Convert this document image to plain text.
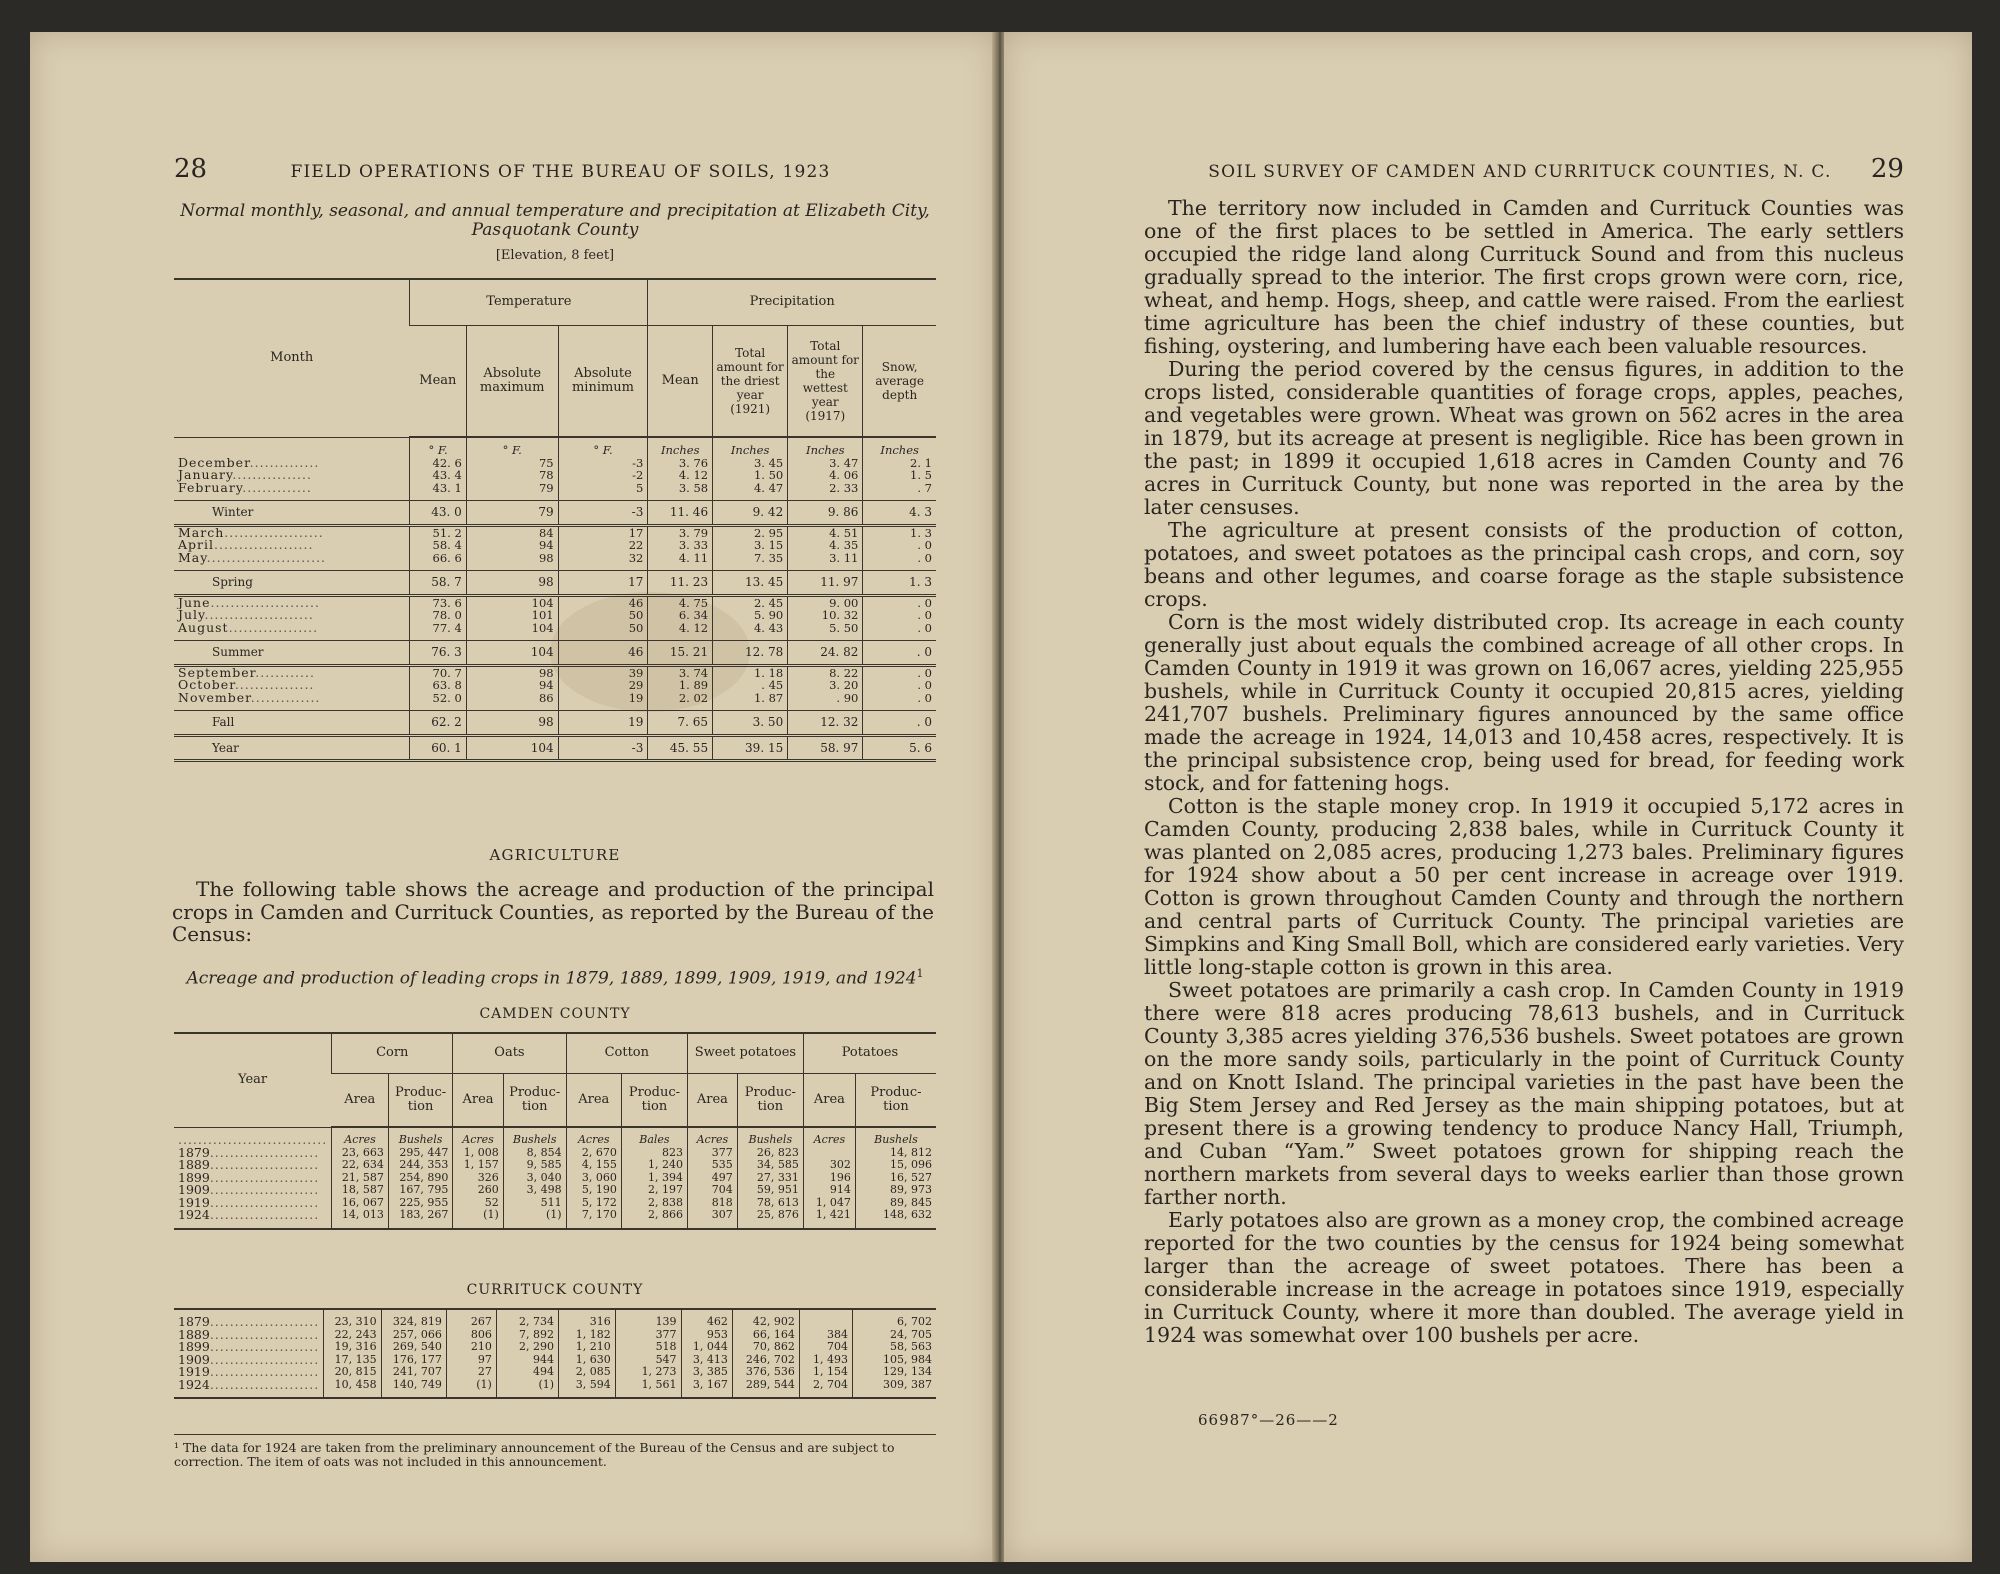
28	FIELD OPERATIONS OF THE BUREAU OF SOILS, 1923
Normal monthly, seasonal, and annual temperature and precipitation at Elizabeth City, Pasquotank County
[Elevation, 8 feet]
Month	Temperature			Precipitation			
	Mean	Absolute maximum	Absolute minimum	Mean	Total amount for the driest year (1921)	Total amount for the wettest year (1917)	Snow, average depth
	° F.	° F.	° F.	Inches	Inches	Inches	Inches
December..............	42. 6	75	-3	3. 76	3. 45	3. 47	2. 1
January................	43. 4	78	-2	4. 12	1. 50	4. 06	1. 5
February..............	43. 1	79	5	3. 58	4. 47	2. 33	. 7
Winter	43. 0	79	-3	11. 46	9. 42	9. 86	4. 3
March....................	51. 2	84	17	3. 79	2. 95	4. 51	1. 3
April....................	58. 4	94	22	3. 33	3. 15	4. 35	. 0
May........................	66. 6	98	32	4. 11	7. 35	3. 11	. 0
Spring	58. 7	98	17	11. 23	13. 45	11. 97	1. 3
June......................	73. 6	104	46	4. 75	2. 45	9. 00	. 0
July......................	78. 0	101	50	6. 34	5. 90	10. 32	. 0
August..................	77. 4	104	50	4. 12	4. 43	5. 50	. 0
Summer	76. 3	104	46	15. 21	12. 78	24. 82	. 0
September............	70. 7	98	39	3. 74	1. 18	8. 22	. 0
October................	63. 8	94	29	1. 89	. 45	3. 20	. 0
November..............	52. 0	86	19	2. 02	1. 87	. 90	. 0
Fall	62. 2	98	19	7. 65	3. 50	12. 32	. 0
Year	60. 1	104	-3	45. 55	39. 15	58. 97	5. 6
AGRICULTURE

The following table shows the acreage and production of the principal crops in Camden and Currituck Counties, as reported by the Bureau of the Census:

Acreage and production of leading crops in 1879, 1889, 1899, 1909, 1919, and 1924$^1$
CAMDEN COUNTY
Year	Corn		Oats		Cotton		Sweet potatoes		Potatoes	
	Area	Produc-tion	Area	Produc-tion	Area	Produc-tion	Area	Produc-tion	Area	Produc-tion
..............................	Acres	Bushels	Acres	Bushels	Acres	Bales	Acres	Bushels	Acres	Bushels
1879......................	23, 663	295, 447	1, 008	8, 854	2, 670	823	377	26, 823		14, 812
1889......................	22, 634	244, 353	1, 157	9, 585	4, 155	1, 240	535	34, 585	302	15, 096
1899......................	21, 587	254, 890	326	3, 040	3, 060	1, 394	497	27, 331	196	16, 527
1909......................	18, 587	167, 795	260	3, 498	5, 190	2, 197	704	59, 951	914	89, 973
1919......................	16, 067	225, 955	52	511	5, 172	2, 838	818	78, 613	1, 047	89, 845
1924......................	14, 013	183, 267	(1)	(1)	7, 170	2, 866	307	25, 876	1, 421	148, 632
CURRITUCK COUNTY
1879......................	23, 310	324, 819	267	2, 734	316	139	462	42, 902		6, 702
1889......................	22, 243	257, 066	806	7, 892	1, 182	377	953	66, 164	384	24, 705
1899......................	19, 316	269, 540	210	2, 290	1, 210	518	1, 044	70, 862	704	58, 563
1909......................	17, 135	176, 177	97	944	1, 630	547	3, 413	246, 702	1, 493	105, 984
1919......................	20, 815	241, 707	27	494	2, 085	1, 273	3, 385	376, 536	1, 154	129, 134
1924......................	10, 458	140, 749	(1)	(1)	3, 594	1, 561	3, 167	289, 544	2, 704	309, 387
¹ The data for 1924 are taken from the preliminary announcement of the Bureau of the Census and are subject to correction. The item of oats was not included in this announcement.
SOIL SURVEY OF CAMDEN AND CURRITUCK COUNTIES, N. C. 29

The territory now included in Camden and Currituck Counties was one of the first places to be settled in America. The early settlers occupied the ridge land along Currituck Sound and from this nucleus gradually spread to the interior. The first crops grown were corn, rice, wheat, and hemp. Hogs, sheep, and cattle were raised. From the earliest time agriculture has been the chief industry of these counties, but fishing, oystering, and lumbering have each been valuable resources.

During the period covered by the census figures, in addition to the crops listed, considerable quantities of forage crops, apples, peaches, and vegetables were grown. Wheat was grown on 562 acres in the area in 1879, but its acreage at present is negligible. Rice has been grown in the past; in 1899 it occupied 1,618 acres in Camden County and 76 acres in Currituck County, but none was reported in the area by the later censuses.

The agriculture at present consists of the production of cotton, potatoes, and sweet potatoes as the principal cash crops, and corn, soy beans and other legumes, and coarse forage as the staple subsistence crops.

Corn is the most widely distributed crop. Its acreage in each county generally just about equals the combined acreage of all other crops. In Camden County in 1919 it was grown on 16,067 acres, yielding 225,955 bushels, while in Currituck County it occupied 20,815 acres, yielding 241,707 bushels. Preliminary figures announced by the same office made the acreage in 1924, 14,013 and 10,458 acres, respectively. It is the principal subsistence crop, being used for bread, for feeding work stock, and for fattening hogs.

Cotton is the staple money crop. In 1919 it occupied 5,172 acres in Camden County, producing 2,838 bales, while in Currituck County it was planted on 2,085 acres, producing 1,273 bales. Preliminary figures for 1924 show about a 50 per cent increase in acreage over 1919. Cotton is grown throughout Camden County and through the northern and central parts of Currituck County. The principal varieties are Simpkins and King Small Boll, which are considered early varieties. Very little long-staple cotton is grown in this area.

Sweet potatoes are primarily a cash crop. In Camden County in 1919 there were 818 acres producing 78,613 bushels, and in Currituck County 3,385 acres yielding 376,536 bushels. Sweet potatoes are grown on the more sandy soils, particularly in the point of Currituck County and on Knott Island. The principal varieties in the past have been the Big Stem Jersey and Red Jersey as the main shipping potatoes, but at present there is a growing tendency to produce Nancy Hall, Triumph, and Cuban “Yam.” Sweet potatoes grown for shipping reach the northern markets from several days to weeks earlier than those grown farther north.

Early potatoes also are grown as a money crop, the combined acreage reported for the two counties by the census for 1924 being somewhat larger than the acreage of sweet potatoes. There has been a considerable increase in the acreage in potatoes since 1919, especially in Currituck County, where it more than doubled. The average yield in 1924 was somewhat over 100 bushels per acre.

66987°—26——2
